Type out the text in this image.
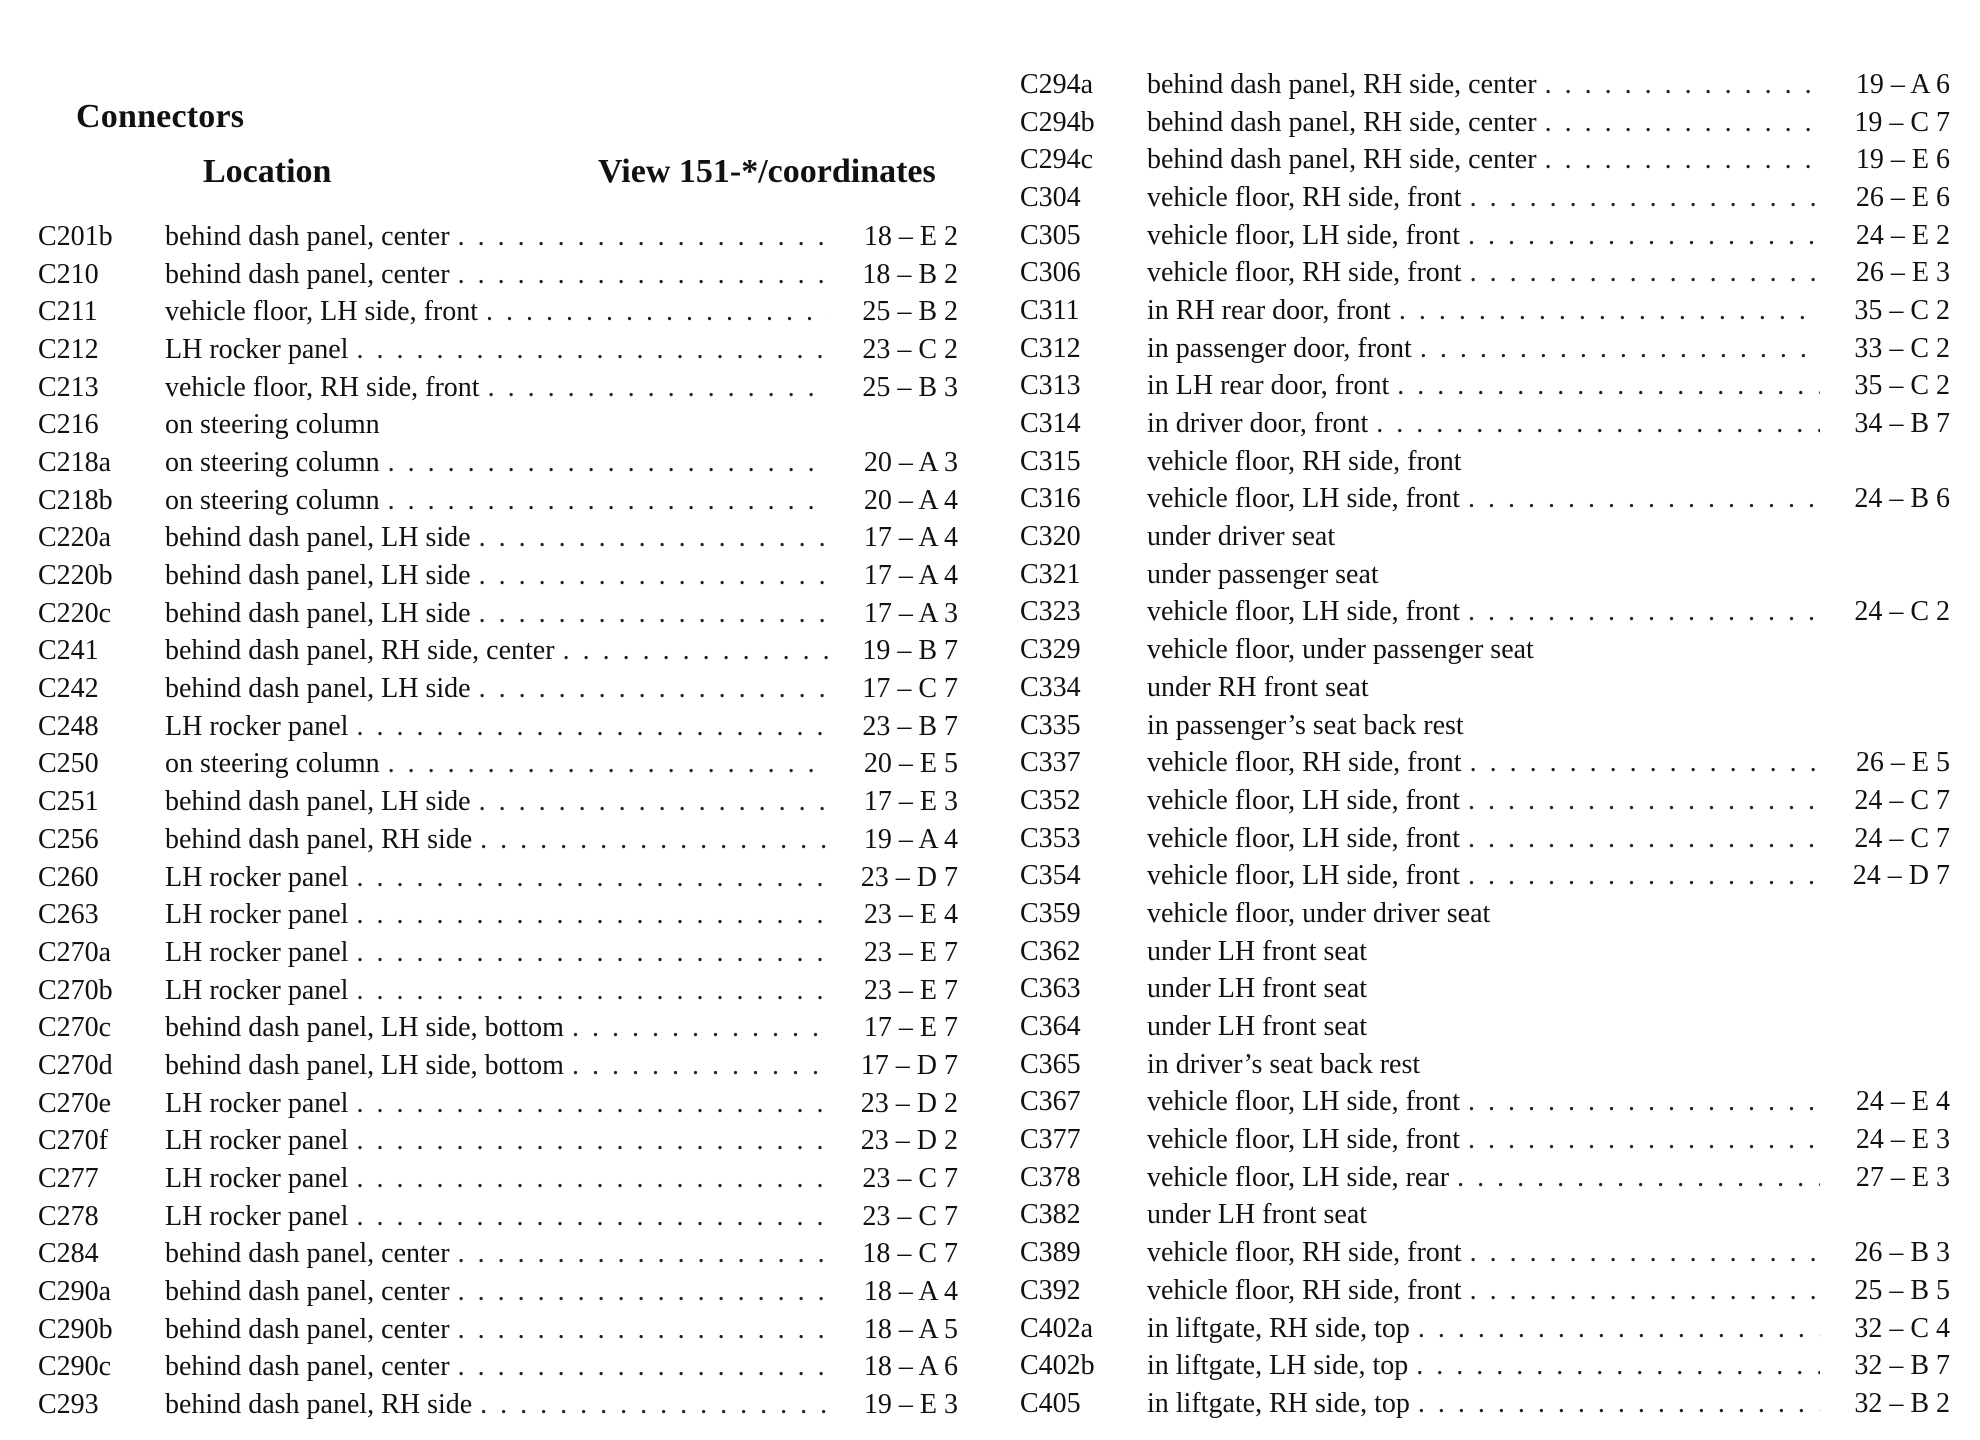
Connectors
Location	View 151-*/coordinates
C201b	behind dash panel, center . . .	18 – E 2
C210	behind dash panel, center . . .	18 – B 2
C211	vehicle floor, LH side, front . . .	25 – B 2
C212	LH rocker panel . . .	23 – C 2
C213	vehicle floor, RH side, front . . .	25 – B 3
C216	on steering column
C218a	on steering column . . .	20 – A 3
C218b	on steering column . . .	20 – A 4
C220a	behind dash panel, LH side . . .	17 – A 4
C220b	behind dash panel, LH side . . .	17 – A 4
C220c	behind dash panel, LH side . . .	17 – A 3
C241	behind dash panel, RH side, center . . .	19 – B 7
C242	behind dash panel, LH side . . .	17 – C 7
C248	LH rocker panel . . .	23 – B 7
C250	on steering column . . .	20 – E 5
C251	behind dash panel, LH side . . .	17 – E 3
C256	behind dash panel, RH side . . .	19 – A 4
C260	LH rocker panel . . .	23 – D 7
C263	LH rocker panel . . .	23 – E 4
C270a	LH rocker panel . . .	23 – E 7
C270b	LH rocker panel . . .	23 – E 7
C270c	behind dash panel, LH side, bottom . . .	17 – E 7
C270d	behind dash panel, LH side, bottom . . .	17 – D 7
C270e	LH rocker panel . . .	23 – D 2
C270f	LH rocker panel . . .	23 – D 2
C277	LH rocker panel . . .	23 – C 7
C278	LH rocker panel . . .	23 – C 7
C284	behind dash panel, center . . .	18 – C 7
C290a	behind dash panel, center . . .	18 – A 4
C290b	behind dash panel, center . . .	18 – A 5
C290c	behind dash panel, center . . .	18 – A 6
C293	behind dash panel, RH side . . .	19 – E 3
C294a	behind dash panel, RH side, center . . .	19 – A 6
C294b	behind dash panel, RH side, center . . .	19 – C 7
C294c	behind dash panel, RH side, center . . .	19 – E 6
C304	vehicle floor, RH side, front . . .	26 – E 6
C305	vehicle floor, LH side, front . . .	24 – E 2
C306	vehicle floor, RH side, front . . .	26 – E 3
C311	in RH rear door, front . . .	35 – C 2
C312	in passenger door, front . . .	33 – C 2
C313	in LH rear door, front . . .	35 – C 2
C314	in driver door, front . . .	34 – B 7
C315	vehicle floor, RH side, front
C316	vehicle floor, LH side, front . . .	24 – B 6
C320	under driver seat
C321	under passenger seat
C323	vehicle floor, LH side, front . . .	24 – C 2
C329	vehicle floor, under passenger seat
C334	under RH front seat
C335	in passenger’s seat back rest
C337	vehicle floor, RH side, front . . .	26 – E 5
C352	vehicle floor, LH side, front . . .	24 – C 7
C353	vehicle floor, LH side, front . . .	24 – C 7
C354	vehicle floor, LH side, front . . .	24 – D 7
C359	vehicle floor, under driver seat
C362	under LH front seat
C363	under LH front seat
C364	under LH front seat
C365	in driver’s seat back rest
C367	vehicle floor, LH side, front . . .	24 – E 4
C377	vehicle floor, LH side, front . . .	24 – E 3
C378	vehicle floor, LH side, rear . . .	27 – E 3
C382	under LH front seat
C389	vehicle floor, RH side, front . . .	26 – B 3
C392	vehicle floor, RH side, front . . .	25 – B 5
C402a	in liftgate, RH side, top . . .	32 – C 4
C402b	in liftgate, LH side, top . . .	32 – B 7
C405	in liftgate, RH side, top . . .	32 – B 2
